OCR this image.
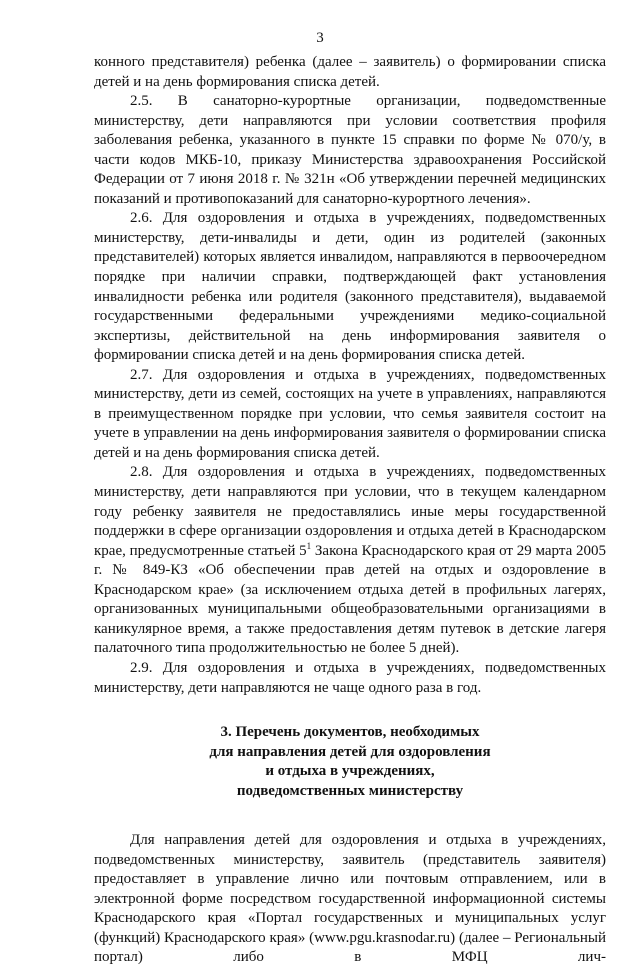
3

конного представителя) ребенка (далее – заявитель) о формировании списка детей и на день формирования списка детей.

2.5. В санаторно-курортные организации, подведомственные министерству, дети направляются при условии соответствия профиля заболевания ребенка, указанного в пункте 15 справки по форме № 070/у, в части кодов МКБ-10, приказу Министерства здравоохранения Российской Федерации от 7 июня 2018 г. № 321н «Об утверждении перечней медицинских показаний и противопоказаний для санаторно-курортного лечения».

2.6. Для оздоровления и отдыха в учреждениях, подведомственных министерству, дети-инвалиды и дети, один из родителей (законных представителей) которых является инвалидом, направляются в первоочередном порядке при наличии справки, подтверждающей факт установления инвалидности ребенка или родителя (законного представителя), выдаваемой государственными федеральными учреждениями медико-социальной экспертизы, действительной на день информирования заявителя о формировании списка детей и на день формирования списка детей.

2.7. Для оздоровления и отдыха в учреждениях, подведомственных министерству, дети из семей, состоящих на учете в управлениях, направляются в преимущественном порядке при условии, что семья заявителя состоит на учете в управлении на день информирования заявителя о формировании списка детей и на день формирования списка детей.

2.8. Для оздоровления и отдыха в учреждениях, подведомственных министерству, дети направляются при условии, что в текущем календарном году ребенку заявителя не предоставлялись иные меры государственной поддержки в сфере организации оздоровления и отдыха детей в Краснодарском крае, предусмотренные статьей $5^1$ Закона Краснодарского края от 29 марта 2005 г. № 849-КЗ «Об обеспечении прав детей на отдых и оздоровление в Краснодарском крае» (за исключением отдыха детей в профильных лагерях, организованных муниципальными общеобразовательными организациями в каникулярное время, а также предоставления детям путевок в детские лагеря палаточного типа продолжительностью не более 5 дней).

2.9. Для оздоровления и отдыха в учреждениях, подведомственных министерству, дети направляются не чаще одного раза в год.

3. Перечень документов, необходимых
для направления детей для оздоровления
и отдыха в учреждениях,
подведомственных министерству

Для направления детей для оздоровления и отдыха в учреждениях, подведомственных министерству, заявитель (представитель заявителя) предоставляет в управление лично или почтовым отправлением, или в электронной форме посредством государственной информационной системы Краснодарского края «Портал государственных и муниципальных услуг (функций) Краснодарского края» (www.pgu.krasnodar.ru) (далее – Региональный портал) либо в МФЦ лич-
